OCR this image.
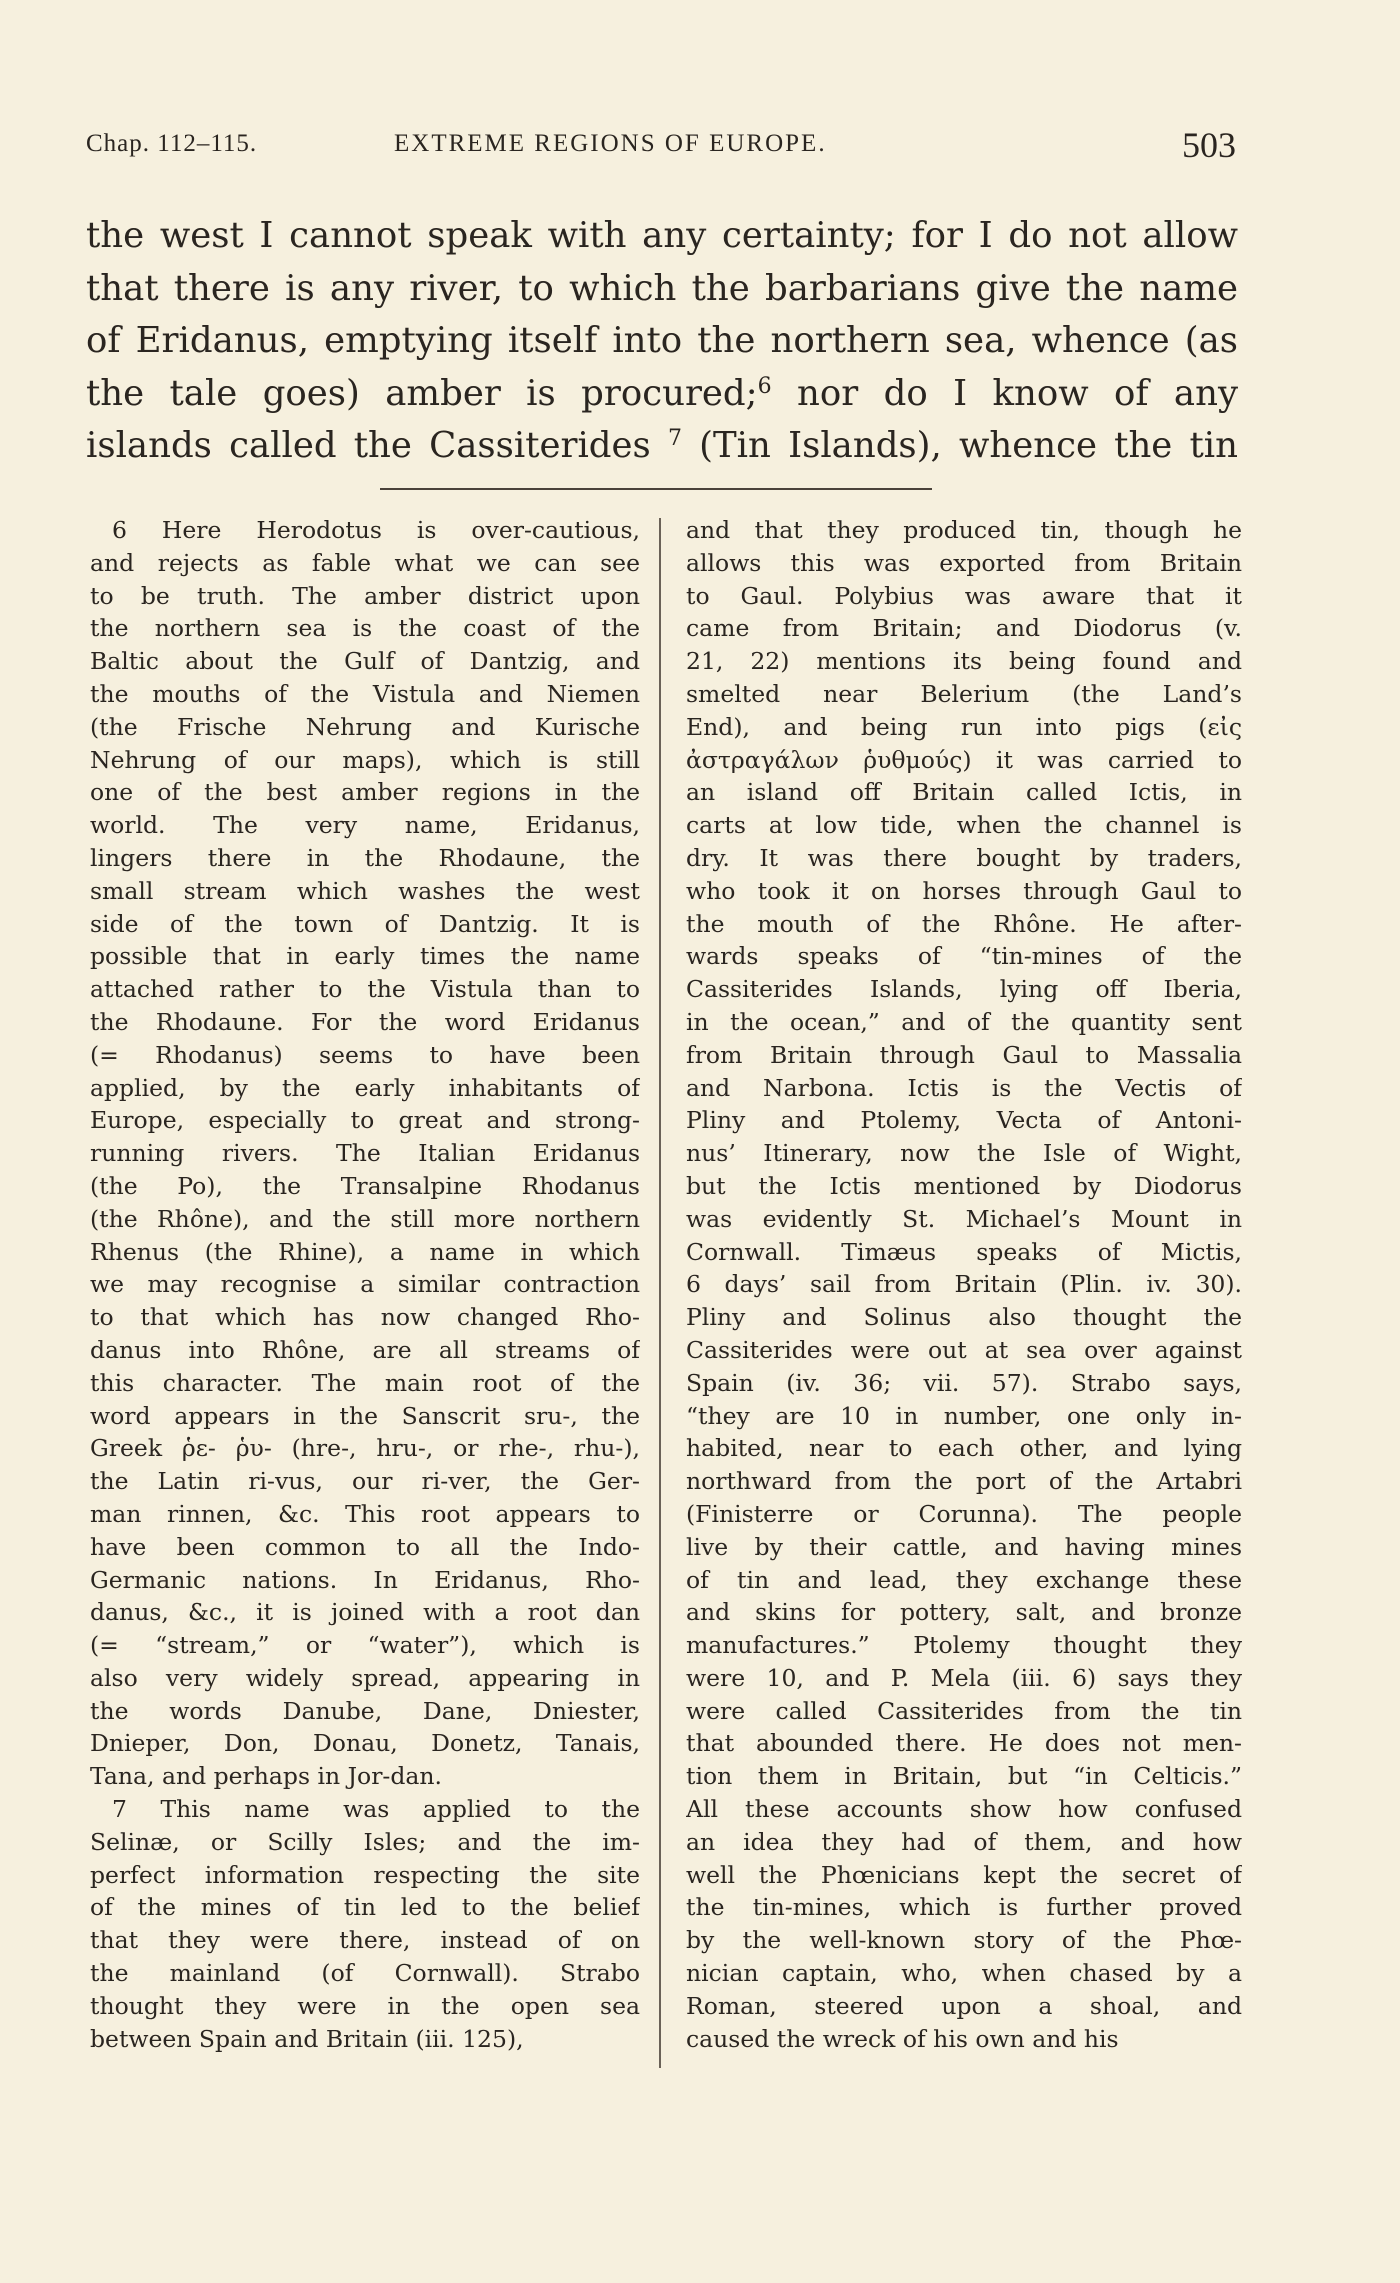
Chap. 112–115.	EXTREME REGIONS OF EUROPE.	503
the west I cannot speak with any certainty; for I do not allow
that there is any river, to which the barbarians give the name
of Eridanus, emptying itself into the northern sea, whence (as
the tale goes) amber is procured;$^6$ nor do I know of any
islands called the Cassiterides $^7$ (Tin Islands), whence the tin
6 Here Herodotus is over-cautious,
and rejects as fable what we can see
to be truth. The amber district upon
the northern sea is the coast of the
Baltic about the Gulf of Dantzig, and
the mouths of the Vistula and Niemen
(the Frische Nehrung and Kurische
Nehrung of our maps), which is still
one of the best amber regions in the
world. The very name, Eridanus,
lingers there in the Rhodaune, the
small stream which washes the west
side of the town of Dantzig. It is
possible that in early times the name
attached rather to the Vistula than to
the Rhodaune. For the word Eridanus
(= Rhodanus) seems to have been
applied, by the early inhabitants of
Europe, especially to great and strong-
running rivers. The Italian Eridanus
(the Po), the Transalpine Rhodanus
(the Rhône), and the still more northern
Rhenus (the Rhine), a name in which
we may recognise a similar contraction
to that which has now changed Rho-
danus into Rhône, are all streams of
this character. The main root of the
word appears in the Sanscrit sru-, the
Greek ῥε- ῥυ- (hre-, hru-, or rhe-, rhu-),
the Latin ri-vus, our ri-ver, the Ger-
man rinnen, &c. This root appears to
have been common to all the Indo-
Germanic nations. In Eridanus, Rho-
danus, &c., it is joined with a root dan
(= “stream,” or “water”), which is
also very widely spread, appearing in
the words Danube, Dane, Dniester,
Dnieper, Don, Donau, Donetz, Tanais,
Tana, and perhaps in Jor-dan.
7 This name was applied to the
Selinæ, or Scilly Isles; and the im-
perfect information respecting the site
of the mines of tin led to the belief
that they were there, instead of on
the mainland (of Cornwall). Strabo
thought they were in the open sea
between Spain and Britain (iii. 125),
and that they produced tin, though he
allows this was exported from Britain
to Gaul. Polybius was aware that it
came from Britain; and Diodorus (v.
21, 22) mentions its being found and
smelted near Belerium (the Land’s
End), and being run into pigs (εἰς
ἀστραγάλων ῥυθμούς) it was carried to
an island off Britain called Ictis, in
carts at low tide, when the channel is
dry. It was there bought by traders,
who took it on horses through Gaul to
the mouth of the Rhône. He after-
wards speaks of “tin-mines of the
Cassiterides Islands, lying off Iberia,
in the ocean,” and of the quantity sent
from Britain through Gaul to Massalia
and Narbona. Ictis is the Vectis of
Pliny and Ptolemy, Vecta of Antoni-
nus’ Itinerary, now the Isle of Wight,
but the Ictis mentioned by Diodorus
was evidently St. Michael’s Mount in
Cornwall. Timæus speaks of Mictis,
6 days’ sail from Britain (Plin. iv. 30).
Pliny and Solinus also thought the
Cassiterides were out at sea over against
Spain (iv. 36; vii. 57). Strabo says,
“they are 10 in number, one only in-
habited, near to each other, and lying
northward from the port of the Artabri
(Finisterre or Corunna). The people
live by their cattle, and having mines
of tin and lead, they exchange these
and skins for pottery, salt, and bronze
manufactures.” Ptolemy thought they
were 10, and P. Mela (iii. 6) says they
were called Cassiterides from the tin
that abounded there. He does not men-
tion them in Britain, but “in Celticis.”
All these accounts show how confused
an idea they had of them, and how
well the Phœnicians kept the secret of
the tin-mines, which is further proved
by the well-known story of the Phœ-
nician captain, who, when chased by a
Roman, steered upon a shoal, and
caused the wreck of his own and his
